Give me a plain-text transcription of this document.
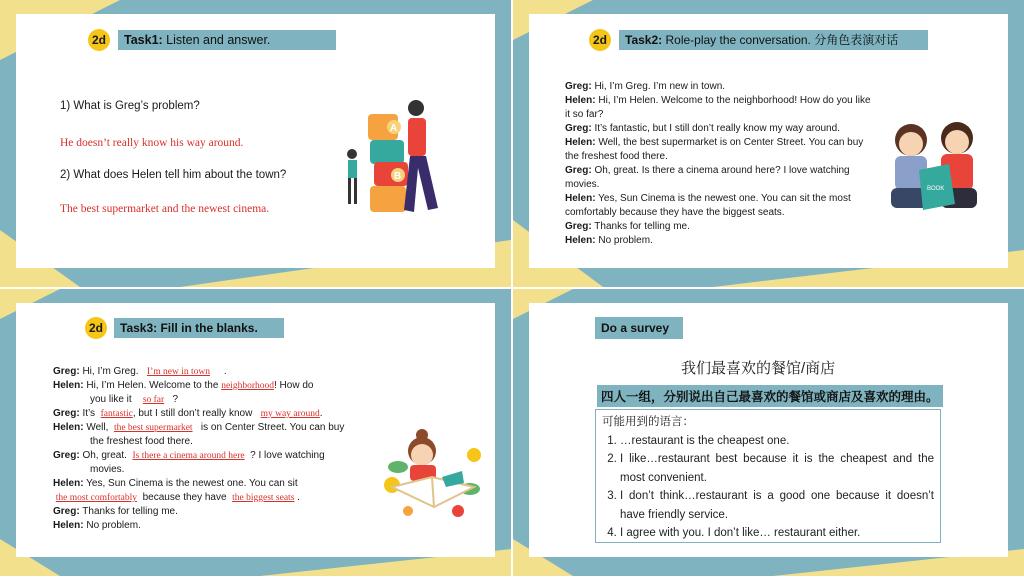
2d	Task1: Listen and answer.
1) What is Greg’s problem?
He doesn’t really know his way around.
2) What does Helen tell him about the town?
The best supermarket and the newest cinema.
A
B
2d	Task2: Role-play the conversation. 分角色表演对话
Greg: Hi, I’m Greg. I’m new in town.
Helen: Hi, I’m Helen. Welcome to the neighborhood! How do you like it so far?
Greg: It’s fantastic, but I still don’t really know my way around.
Helen: Well, the best supermarket is on Center Street. You can buy the freshest food there.
Greg: Oh, great. Is there a cinema around here? I love watching movies.
Helen: Yes, Sun Cinema is the newest one. You can sit the most comfortably because they have the biggest seats.
Greg: Thanks for telling me.
Helen: No problem.
BOOK
2d	Task3: Fill in the blanks.
Greg: Hi, I’m Greg. I’m new in town     .
Helen: Hi, I’m Helen. Welcome to the neighborhood! How do
you like it so far ?
Greg: It’s fantastic, but I still don’t really know my way around.
Helen: Well, the best supermarket is on Center Street. You can buy
the freshest food there.
Greg: Oh, great. Is there a cinema around here ? I love watching
movies.
Helen: Yes, Sun Cinema is the newest one. You can sit
the most comfortably because they have the biggest seats .
Greg: Thanks for telling me.
Helen: No problem.
Do a survey
我们最喜欢的餐馆/商店
四人一组，分别说出自己最喜欢的餐馆或商店及喜欢的理由。
可能用到的语言：
1. …restaurant is the cheapest one.
2. I like…restaurant best because it is the cheapest and the most convenient.
3. I don’t think…restaurant is a good one because it doesn’t have friendly service.
4. I agree with you. I don’t like… restaurant either.
